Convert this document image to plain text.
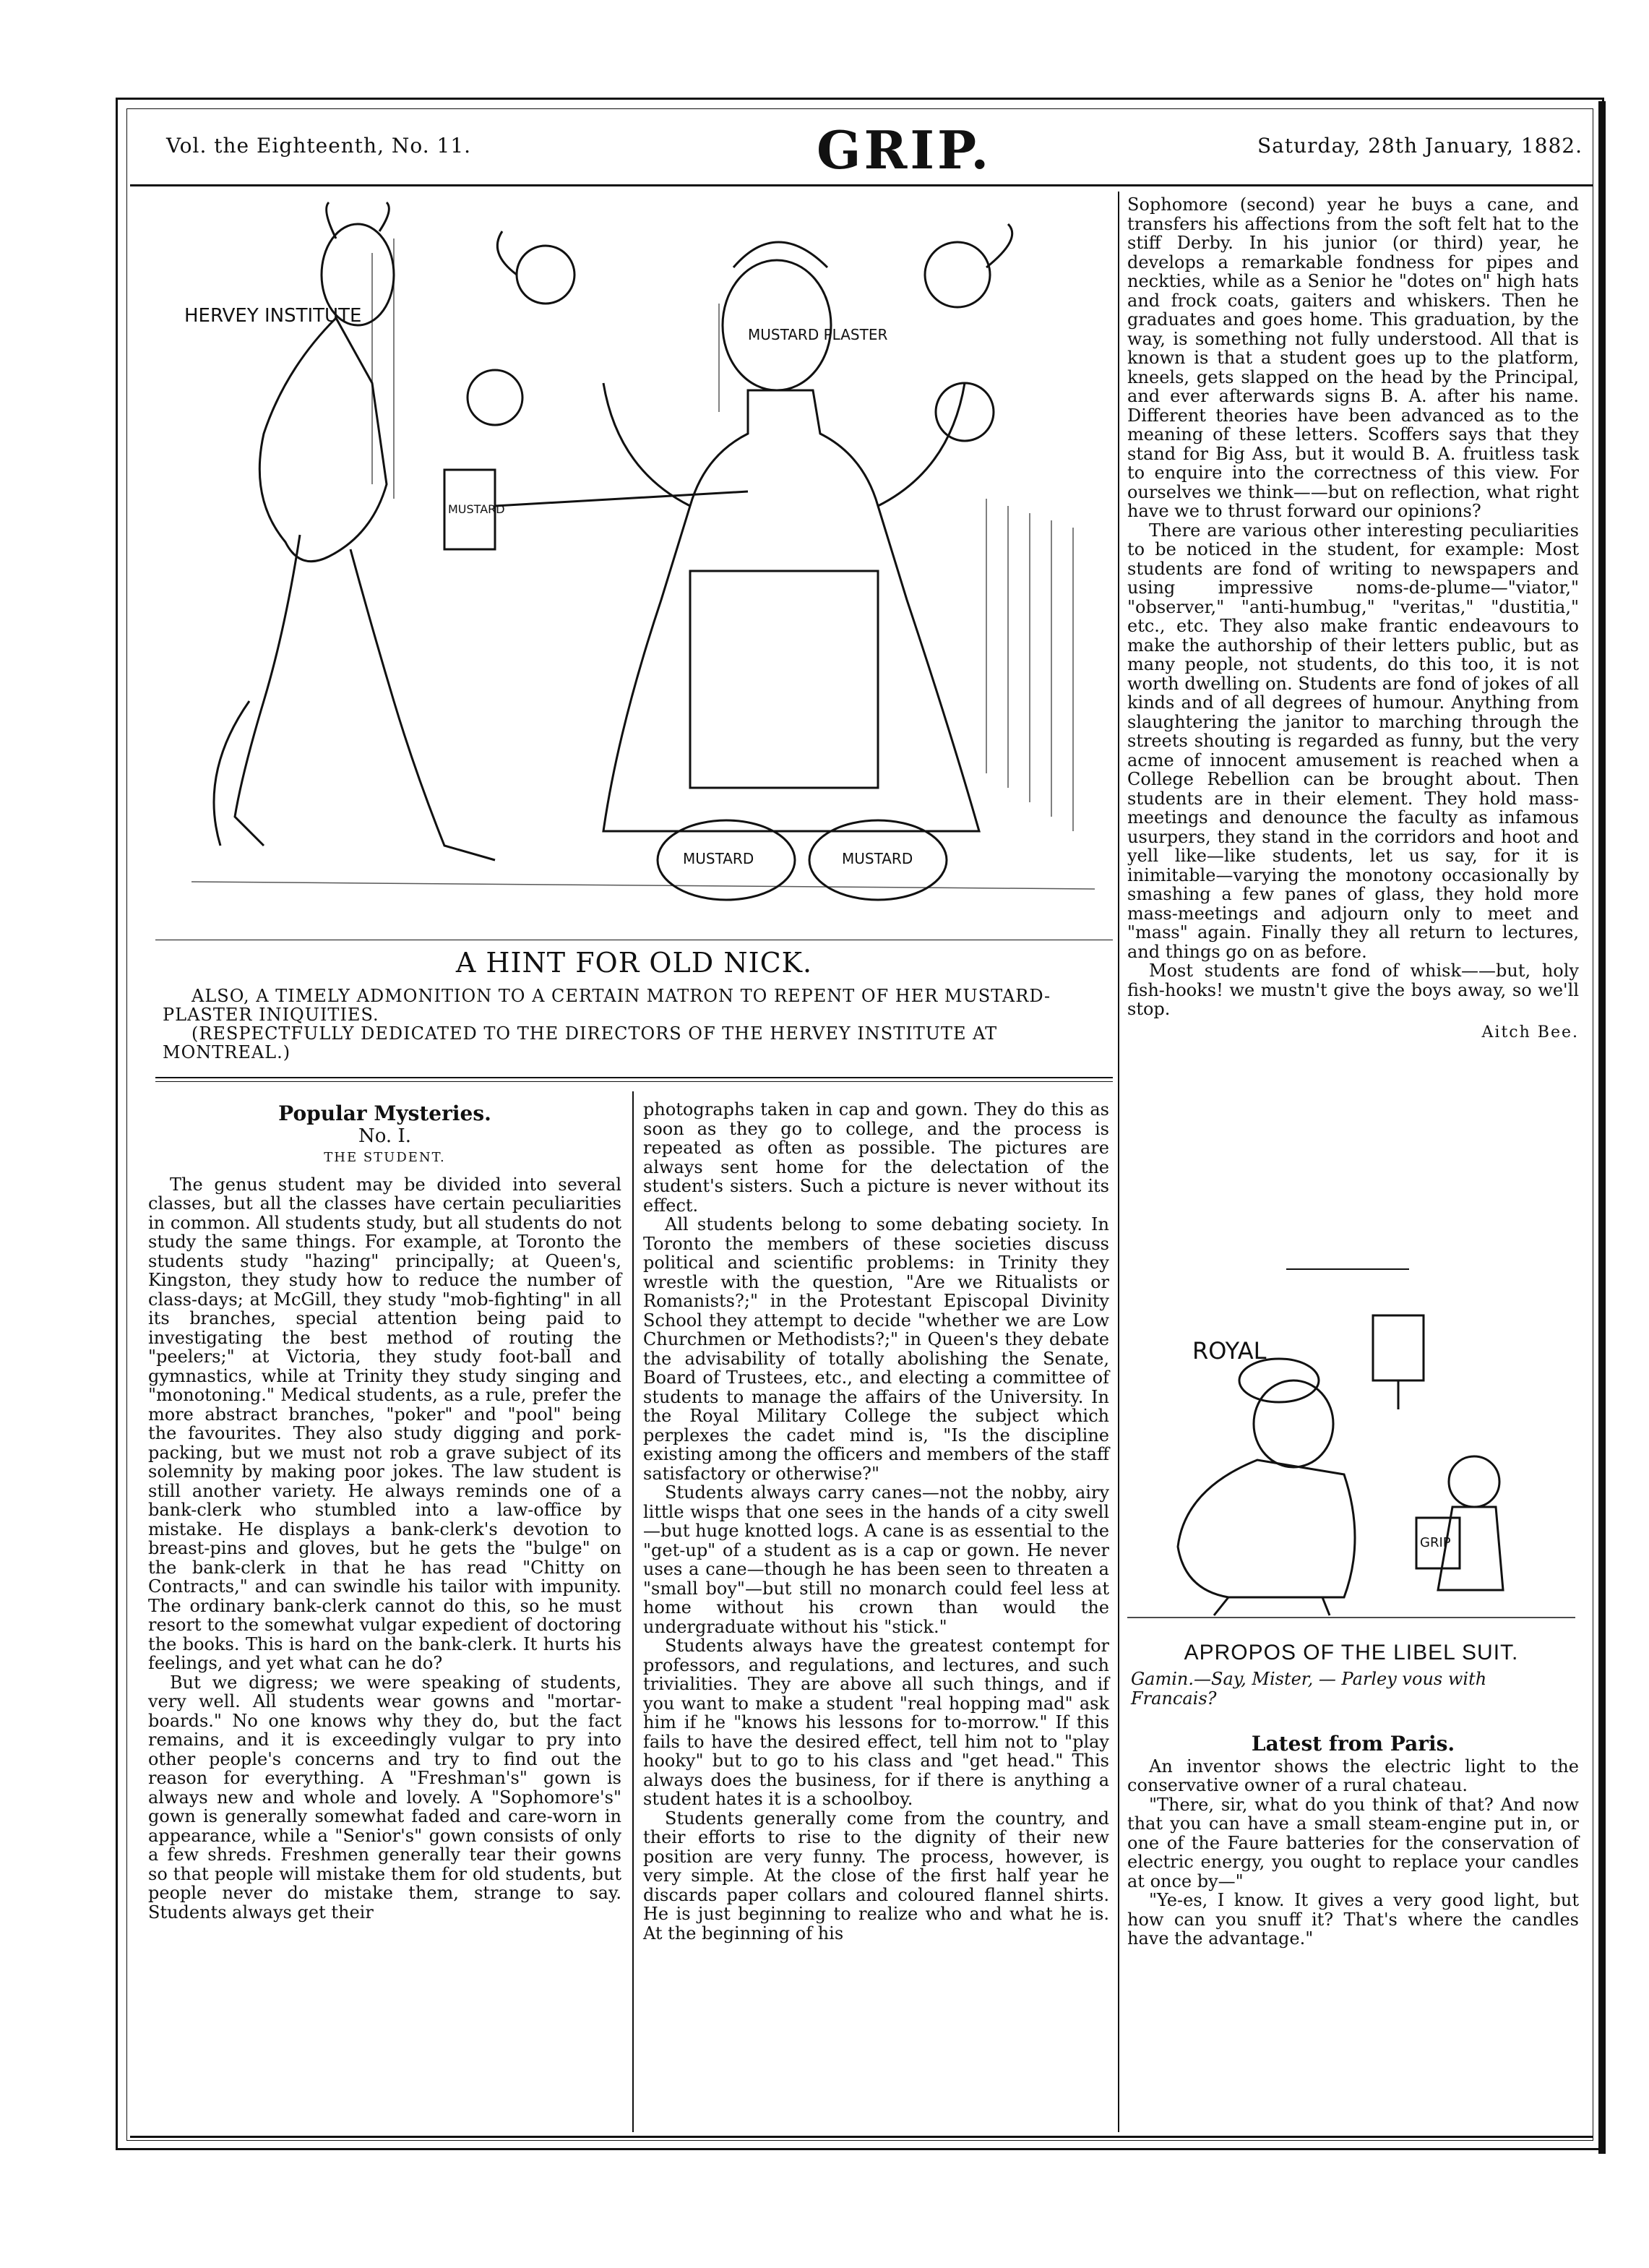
Vol. the Eighteenth, No. 11.	GRIP.	Saturday, 28th January, 1882.
HERVEY INSTITUTE
MUSTARD PLASTER
MUSTARD
MUSTARD	MUSTARD
A HINT FOR OLD NICK.
ALSO, A TIMELY ADMONITION TO A CERTAIN MATRON TO REPENT OF HER MUSTARD-PLASTER INIQUITIES.
(RESPECTFULLY DEDICATED TO THE DIRECTORS OF THE HERVEY INSTITUTE AT MONTREAL.)
Popular Mysteries.
No. I.
THE STUDENT.

The genus student may be divided into several classes, but all the classes have certain peculiarities in common. All students study, but all students do not study the same things. For example, at Toronto the students study "hazing" principally; at Queen's, Kingston, they study how to reduce the number of class-days; at McGill, they study "mob-fighting" in all its branches, special attention being paid to investigating the best method of routing the "peelers;" at Victoria, they study foot-ball and gymnastics, while at Trinity they study singing and "monotoning." Medical students, as a rule, prefer the more abstract branches, "poker" and "pool" being the favourites. They also study digging and pork-packing, but we must not rob a grave subject of its solemnity by making poor jokes. The law student is still another variety. He always reminds one of a bank-clerk who stumbled into a law-office by mistake. He displays a bank-clerk's devotion to breast-pins and gloves, but he gets the "bulge" on the bank-clerk in that he has read "Chitty on Contracts," and can swindle his tailor with impunity. The ordinary bank-clerk cannot do this, so he must resort to the somewhat vulgar expedient of doctoring the books. This is hard on the bank-clerk. It hurts his feelings, and yet what can he do?

But we digress; we were speaking of students, very well. All students wear gowns and "mortar-boards." No one knows why they do, but the fact remains, and it is exceedingly vulgar to pry into other people's concerns and try to find out the reason for everything. A "Freshman's" gown is always new and whole and lovely. A "Sophomore's" gown is generally somewhat faded and care-worn in appearance, while a "Senior's" gown consists of only a few shreds. Freshmen generally tear their gowns so that people will mistake them for old students, but people never do mistake them, strange to say. Students always get their

photographs taken in cap and gown. They do this as soon as they go to college, and the process is repeated as often as possible. The pictures are always sent home for the delectation of the student's sisters. Such a picture is never without its effect.

All students belong to some debating society. In Toronto the members of these societies discuss political and scientific problems: in Trinity they wrestle with the question, "Are we Ritualists or Romanists?;" in the Protestant Episcopal Divinity School they attempt to decide "whether we are Low Churchmen or Methodists?;" in Queen's they debate the advisability of totally abolishing the Senate, Board of Trustees, etc., and electing a committee of students to manage the affairs of the University. In the Royal Military College the subject which perplexes the cadet mind is, "Is the discipline existing among the officers and members of the staff satisfactory or otherwise?"

Students always carry canes—not the nobby, airy little wisps that one sees in the hands of a city swell—but huge knotted logs. A cane is as essential to the "get-up" of a student as is a cap or gown. He never uses a cane—though he has been seen to threaten a "small boy"—but still no monarch could feel less at home without his crown than would the undergraduate without his "stick."

Students always have the greatest contempt for professors, and regulations, and lectures, and such trivialities. They are above all such things, and if you want to make a student "real hopping mad" ask him if he "knows his lessons for to-morrow." If this fails to have the desired effect, tell him not to "play hooky" but to go to his class and "get head." This always does the business, for if there is anything a student hates it is a schoolboy.

Students generally come from the country, and their efforts to rise to the dignity of their new position are very funny. The process, however, is very simple. At the close of the first half year he discards paper collars and coloured flannel shirts. He is just beginning to realize who and what he is. At the beginning of his

Sophomore (second) year he buys a cane, and transfers his affections from the soft felt hat to the stiff Derby. In his junior (or third) year, he develops a remarkable fondness for pipes and neckties, while as a Senior he "dotes on" high hats and frock coats, gaiters and whiskers. Then he graduates and goes home. This graduation, by the way, is something not fully understood. All that is known is that a student goes up to the platform, kneels, gets slapped on the head by the Principal, and ever afterwards signs B. A. after his name. Different theories have been advanced as to the meaning of these letters. Scoffers says that they stand for Big Ass, but it would B. A. fruitless task to enquire into the correctness of this view. For ourselves we think——but on reflection, what right have we to thrust forward our opinions?

There are various other interesting peculiarities to be noticed in the student, for example: Most students are fond of writing to newspapers and using impressive noms-de-plume—"viator," "observer," "anti-humbug," "veritas," "dustitia," etc., etc. They also make frantic endeavours to make the authorship of their letters public, but as many people, not students, do this too, it is not worth dwelling on. Students are fond of jokes of all kinds and of all degrees of humour. Anything from slaughtering the janitor to marching through the streets shouting is regarded as funny, but the very acme of innocent amusement is reached when a College Rebellion can be brought about. Then students are in their element. They hold mass-meetings and denounce the faculty as infamous usurpers, they stand in the corridors and hoot and yell like—like students, let us say, for it is inimitable—varying the monotony occasionally by smashing a few panes of glass, they hold more mass-meetings and adjourn only to meet and "mass" again. Finally they all return to lectures, and things go on as before.

Most students are fond of whisk——but, holy fish-hooks! we mustn't give the boys away, so we'll stop.

Aitch Bee.
ROYAL
GRIP
APROPOS OF THE LIBEL SUIT.
Gamin.—Say, Mister, — Parley vous with Francais?
Latest from Paris.

An inventor shows the electric light to the conservative owner of a rural chateau.

"There, sir, what do you think of that? And now that you can have a small steam-engine put in, or one of the Faure batteries for the conservation of electric energy, you ought to replace your candles at once by—"

"Ye-es, I know. It gives a very good light, but how can you snuff it? That's where the candles have the advantage."
